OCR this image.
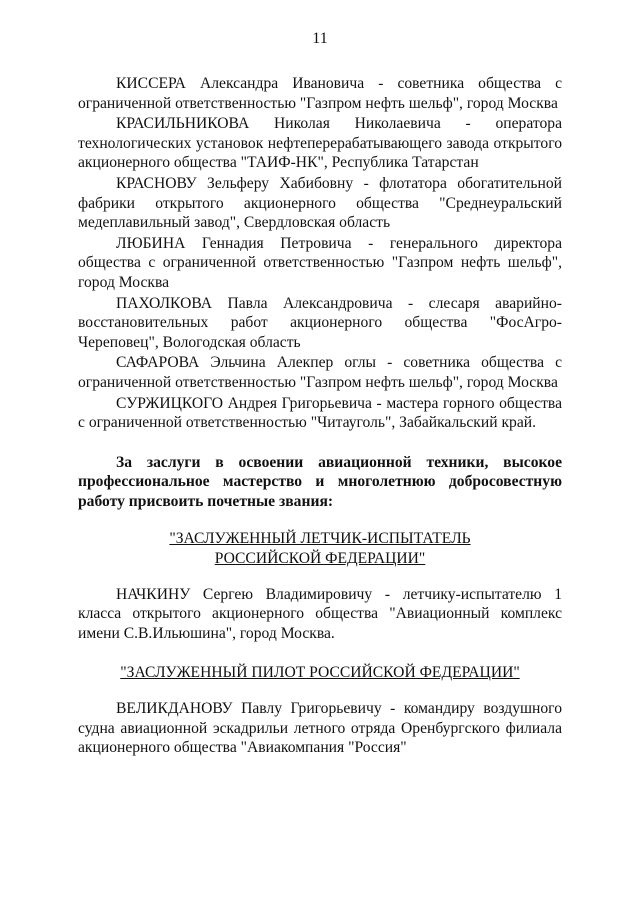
11

КИССЕРА Александра Ивановича - советника общества с ограниченной ответственностью "Газпром нефть шельф", город Москва

КРАСИЛЬНИКОВА Николая Николаевича - оператора технологических установок нефтеперерабатывающего завода открытого акционерного общества "ТАИФ-НК", Республика Татарстан

КРАСНОВУ Зельферу Хабибовну - флотатора обогатительной фабрики открытого акционерного общества "Среднеуральский медеплавильный завод", Свердловская область

ЛЮБИНА Геннадия Петровича - генерального директора общества с ограниченной ответственностью "Газпром нефть шельф", город Москва

ПАХОЛКОВА Павла Александровича - слесаря аварийно-восстановительных работ акционерного общества "ФосАгро-Череповец", Вологодская область

САФАРОВА Эльчина Алекпер оглы - советника общества с ограниченной ответственностью "Газпром нефть шельф", город Москва

СУРЖИЦКОГО Андрея Григорьевича - мастера горного общества с ограниченной ответственностью "Читауголь", Забайкальский край.

За заслуги в освоении авиационной техники, высокое профессиональное мастерство и многолетнюю добросовестную работу присвоить почетные звания:

"ЗАСЛУЖЕННЫЙ ЛЕТЧИК-ИСПЫТАТЕЛЬ
РОССИЙСКОЙ ФЕДЕРАЦИИ"

НАЧКИНУ Сергею Владимировичу - летчику-испытателю 1 класса открытого акционерного общества "Авиационный комплекс имени С.В.Ильюшина", город Москва.

"ЗАСЛУЖЕННЫЙ ПИЛОТ РОССИЙСКОЙ ФЕДЕРАЦИИ"

ВЕЛИКДАНОВУ Павлу Григорьевичу - командиру воздушного судна авиационной эскадрильи летного отряда Оренбургского филиала акционерного общества "Авиакомпания "Россия"
